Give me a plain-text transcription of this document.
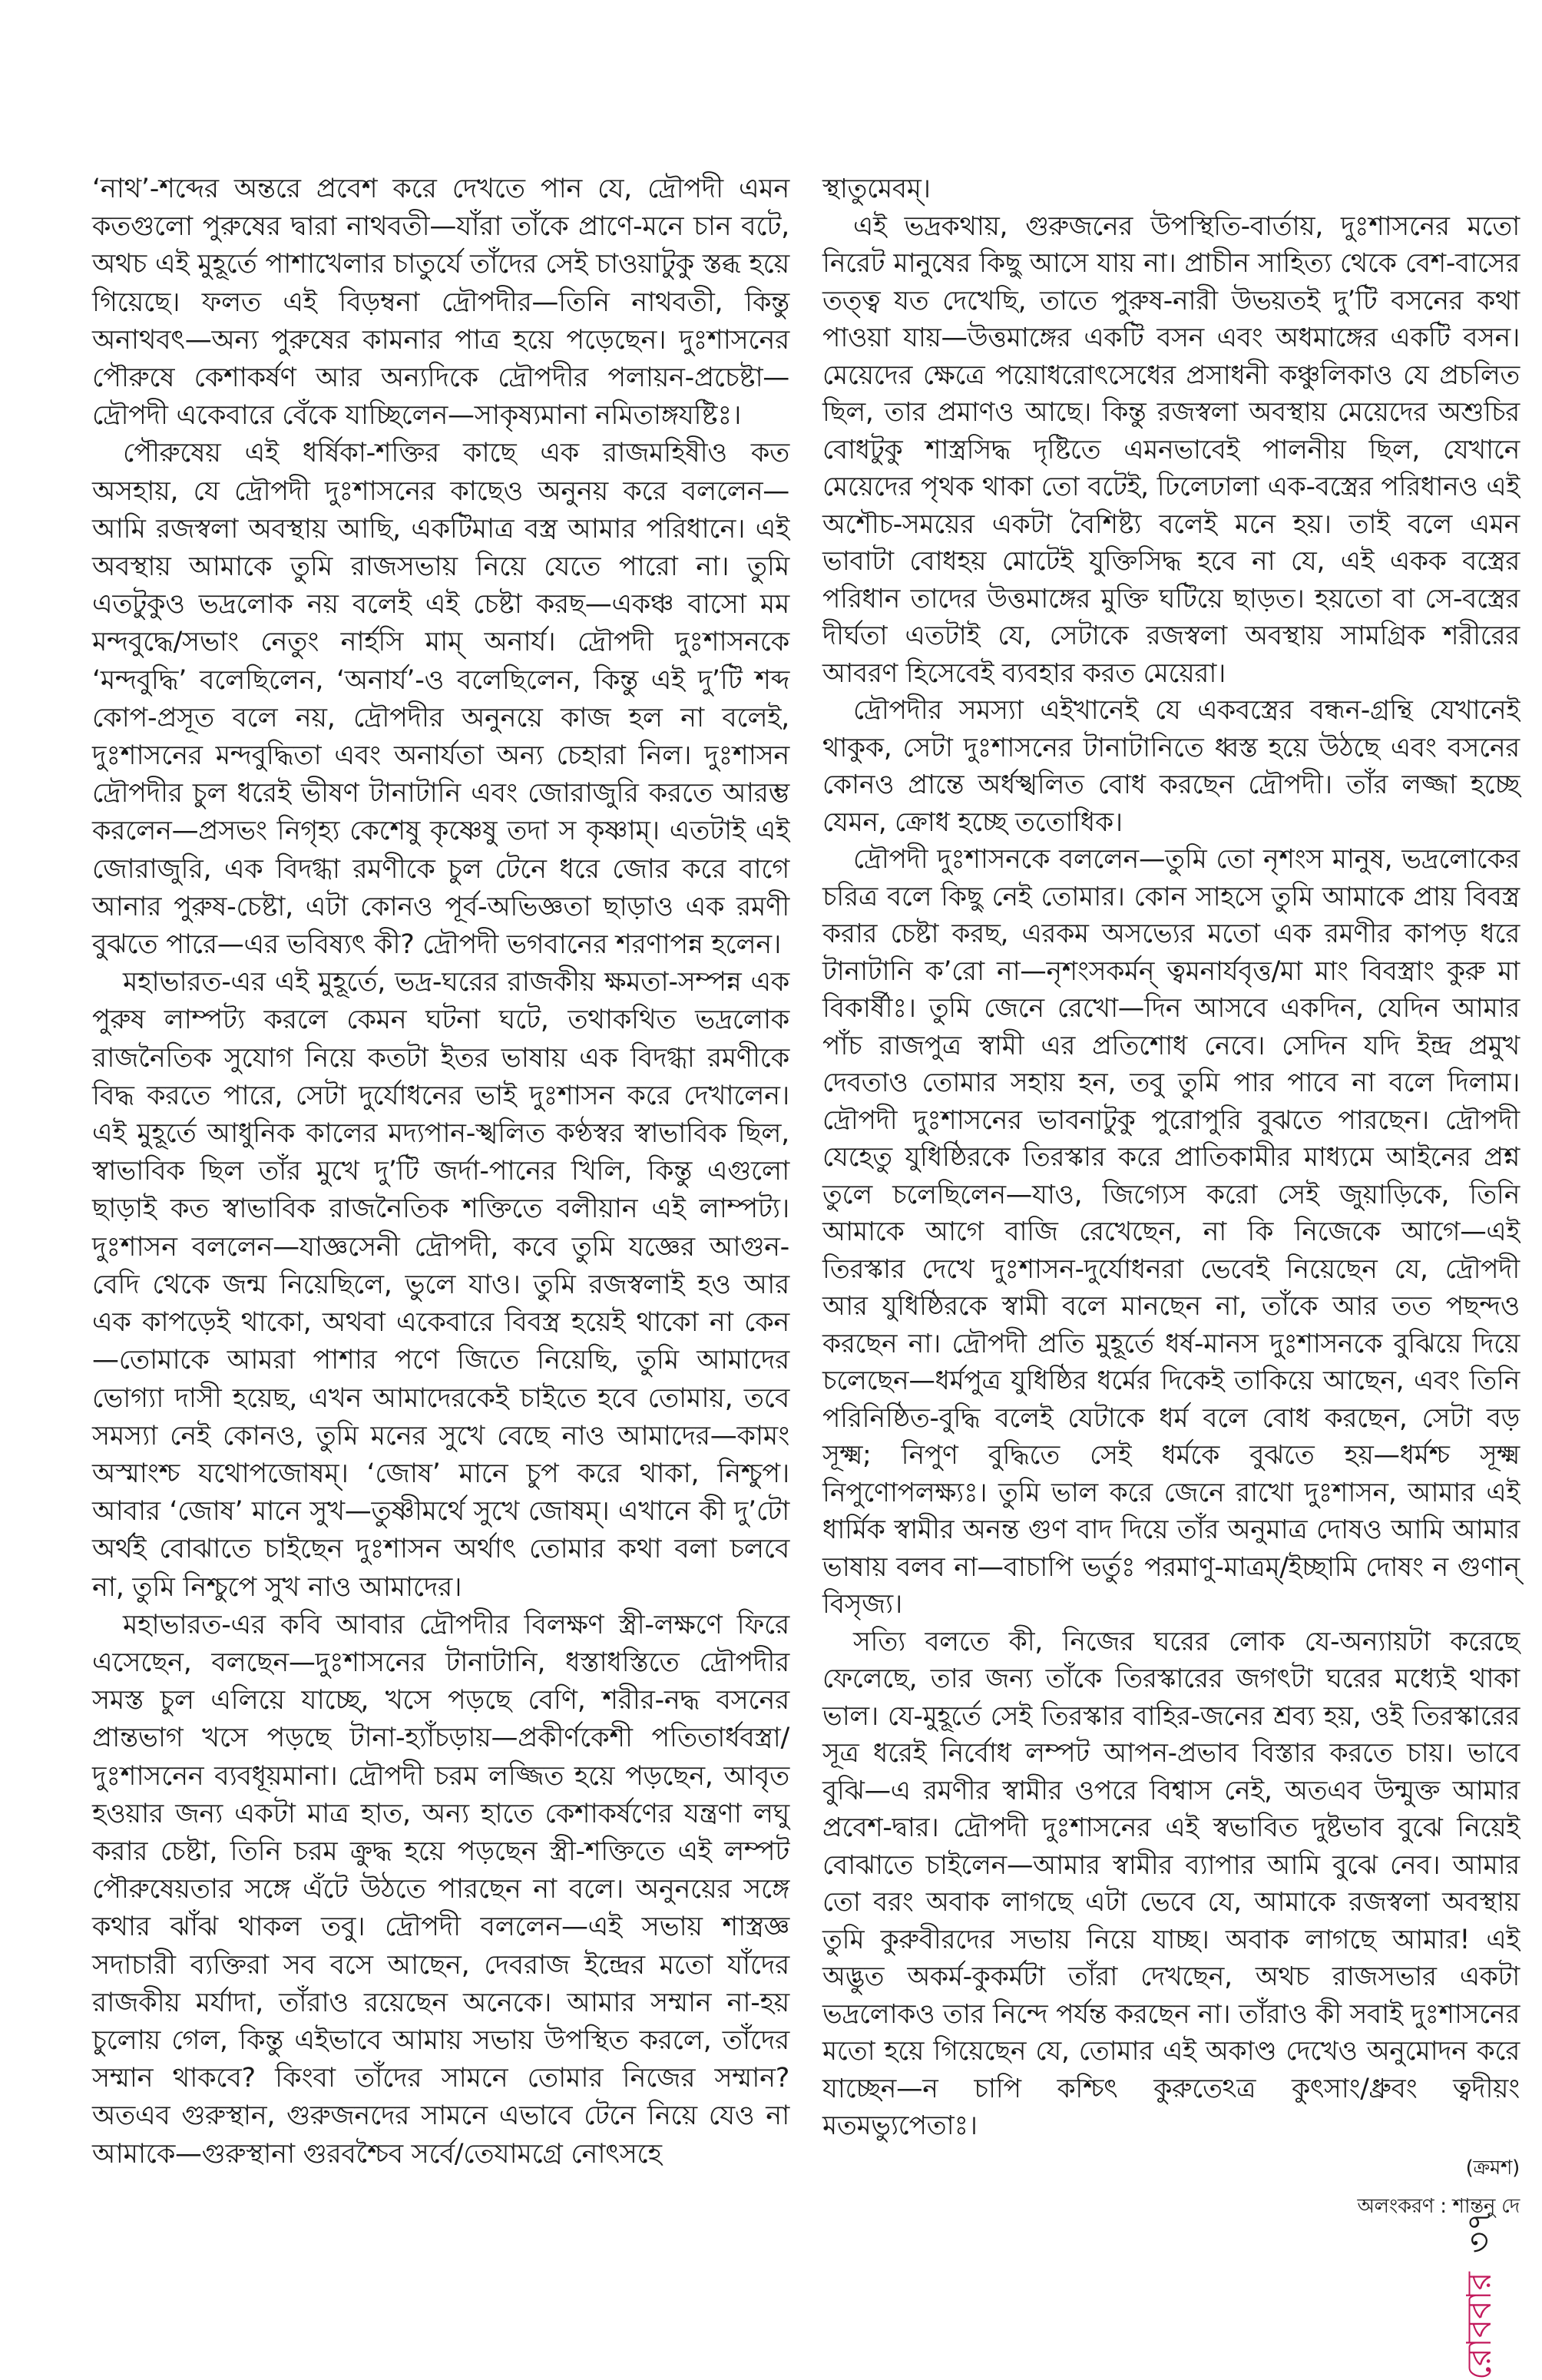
‘নাথ’-শব্দের অন্তরে প্রবেশ করে দেখতে পান যে, দ্রৌপদী এমন কতগুলো পুরুষের দ্বারা নাথবতী—যাঁরা তাঁকে প্রাণে-মনে চান বটে, অথচ এই মুহূর্তে পাশাখেলার চাতুর্যে তাঁদের সেই চাওয়াটুকু স্তব্ধ হয়ে গিয়েছে। ফলত এই বিড়ম্বনা দ্রৌপদীর—তিনি নাথবতী, কিন্তু অনাথবৎ—অন্য পুরুষের কামনার পাত্র হয়ে পড়েছেন। দুঃশাসনের পৌরুষে কেশাকর্ষণ আর অন্যদিকে দ্রৌপদীর পলায়ন-প্রচেষ্টা—দ্রৌপদী একেবারে বেঁকে যাচ্ছিলেন—সাকৃষ্যমানা নমিতাঙ্গযষ্টিঃ।

পৌরুষেয় এই ধর্ষিকা-শক্তির কাছে এক রাজমহিষীও কত অসহায়, যে দ্রৌপদী দুঃশাসনের কাছেও অনুনয় করে বললেন—আমি রজস্বলা অবস্থায় আছি, একটিমাত্র বস্ত্র আমার পরিধানে। এই অবস্থায় আমাকে তুমি রাজসভায় নিয়ে যেতে পারো না। তুমি এতটুকুও ভদ্রলোক নয় বলেই এই চেষ্টা করছ—একঞ্চ বাসো মম মন্দবুদ্ধে/সভাং নেতুং নার্হসি মাম্ অনার্য। দ্রৌপদী দুঃশাসনকে ‘মন্দবুদ্ধি’ বলেছিলেন, ‘অনার্য’-ও বলেছিলেন, কিন্তু এই দু’টি শব্দ কোপ-প্রসূত বলে নয়, দ্রৌপদীর অনুনয়ে কাজ হল না বলেই, দুঃশাসনের মন্দবুদ্ধিতা এবং অনার্যতা অন্য চেহারা নিল। দুঃশাসন দ্রৌপদীর চুল ধরেই ভীষণ টানাটানি এবং জোরাজুরি করতে আরম্ভ করলেন—প্রসভং নিগৃহ্য কেশেষু কৃষ্ণেষু তদা স কৃষ্ণাম্। এতটাই এই জোরাজুরি, এক বিদগ্ধা রমণীকে চুল টেনে ধরে জোর করে বাগে আনার পুরুষ-চেষ্টা, এটা কোনও পূর্ব-অভিজ্ঞতা ছাড়াও এক রমণী বুঝতে পারে—এর ভবিষ্যৎ কী? দ্রৌপদী ভগবানের শরণাপন্ন হলেন।

মহাভারত-এর এই মুহূর্তে, ভদ্র-ঘরের রাজকীয় ক্ষমতা-সম্পন্ন এক পুরুষ লাম্পট্য করলে কেমন ঘটনা ঘটে, তথাকথিত ভদ্রলোক রাজনৈতিক সুযোগ নিয়ে কতটা ইতর ভাষায় এক বিদগ্ধা রমণীকে বিদ্ধ করতে পারে, সেটা দুর্যোধনের ভাই দুঃশাসন করে দেখালেন। এই মুহূর্তে আধুনিক কালের মদ্যপান-স্খলিত কণ্ঠস্বর স্বাভাবিক ছিল, স্বাভাবিক ছিল তাঁর মুখে দু’টি জর্দা-পানের খিলি, কিন্তু এগুলো ছাড়াই কত স্বাভাবিক রাজনৈতিক শক্তিতে বলীয়ান এই লাম্পট্য। দুঃশাসন বললেন—যাজ্ঞসেনী দ্রৌপদী, কবে তুমি যজ্ঞের আগুন-বেদি থেকে জন্ম নিয়েছিলে, ভুলে যাও। তুমি রজস্বলাই হও আর এক কাপড়েই থাকো, অথবা একেবারে বিবস্ত্র হয়েই থাকো না কেন—তোমাকে আমরা পাশার পণে জিতে নিয়েছি, তুমি আমাদের ভোগ্যা দাসী হয়েছ, এখন আমাদেরকেই চাইতে হবে তোমায়, তবে সমস্যা নেই কোনও, তুমি মনের সুখে বেছে নাও আমাদের—কামং অস্মাংশ্চ যথোপজোষম্। ‘জোষ’ মানে চুপ করে থাকা, নিশ্চুপ। আবার ‘জোষ’ মানে সুখ—তুষ্ণীমর্থে সুখে জোষম্। এখানে কী দু’টো অর্থই বোঝাতে চাইছেন দুঃশাসন অর্থাৎ তোমার কথা বলা চলবে না, তুমি নিশ্চুপে সুখ নাও আমাদের।

মহাভারত-এর কবি আবার দ্রৌপদীর বিলক্ষণ স্ত্রী-লক্ষণে ফিরে এসেছেন, বলছেন—দুঃশাসনের টানাটানি, ধস্তাধস্তিতে দ্রৌপদীর সমস্ত চুল এলিয়ে যাচ্ছে, খসে পড়ছে বেণি, শরীর-নদ্ধ বসনের প্রান্তভাগ খসে পড়ছে টানা-হ্যাঁচড়ায়—প্রকীর্ণকেশী পতিতার্ধবস্ত্রা/দুঃশাসনেন ব্যবধূয়মানা। দ্রৌপদী চরম লজ্জিত হয়ে পড়ছেন, আবৃত হওয়ার জন্য একটা মাত্র হাত, অন্য হাতে কেশাকর্ষণের যন্ত্রণা লঘু করার চেষ্টা, তিনি চরম ক্রুদ্ধ হয়ে পড়ছেন স্ত্রী-শক্তিতে এই লম্পট পৌরুষেয়তার সঙ্গে এঁটে উঠতে পারছেন না বলে। অনুনয়ের সঙ্গে কথার ঝাঁঝ থাকল তবু। দ্রৌপদী বললেন—এই সভায় শাস্ত্রজ্ঞ সদাচারী ব্যক্তিরা সব বসে আছেন, দেবরাজ ইন্দ্রের মতো যাঁদের রাজকীয় মর্যাদা, তাঁরাও রয়েছেন অনেকে। আমার সম্মান না-হয় চুলোয় গেল, কিন্তু এইভাবে আমায় সভায় উপস্থিত করলে, তাঁদের সম্মান থাকবে? কিংবা তাঁদের সামনে তোমার নিজের সম্মান? অতএব গুরুস্থান, গুরুজনদের সামনে এভাবে টেনে নিয়ে যেও না আমাকে—গুরুস্থানা গুরবশ্চৈব সর্বে/তেযামগ্রে নোৎসহে

স্থাতুমেবম্।

এই ভদ্রকথায়, গুরুজনের উপস্থিতি-বার্তায়, দুঃশাসনের মতো নিরেট মানুষের কিছু আসে যায় না। প্রাচীন সাহিত্য থেকে বেশ-বাসের তত্ত্ব যত দেখেছি, তাতে পুরুষ-নারী উভয়তই দু’টি বসনের কথা পাওয়া যায়—উত্তমাঙ্গের একটি বসন এবং অধমাঙ্গের একটি বসন। মেয়েদের ক্ষেত্রে পয়োধরোৎসেধের প্রসাধনী কঞ্চুলিকাও যে প্রচলিত ছিল, তার প্রমাণও আছে। কিন্তু রজস্বলা অবস্থায় মেয়েদের অশুচির বোধটুকু শাস্ত্রসিদ্ধ দৃষ্টিতে এমনভাবেই পালনীয় ছিল, যেখানে মেয়েদের পৃথক থাকা তো বটেই, ঢিলেঢালা এক-বস্ত্রের পরিধানও এই অশৌচ-সময়ের একটা বৈশিষ্ট্য বলেই মনে হয়। তাই বলে এমন ভাবাটা বোধহয় মোটেই যুক্তিসিদ্ধ হবে না যে, এই একক বস্ত্রের পরিধান তাদের উত্তমাঙ্গের মুক্তি ঘটিয়ে ছাড়ত। হয়তো বা সে-বস্ত্রের দীর্ঘতা এতটাই যে, সেটাকে রজস্বলা অবস্থায় সামগ্রিক শরীরের আবরণ হিসেবেই ব্যবহার করত মেয়েরা।

দ্রৌপদীর সমস্যা এইখানেই যে একবস্ত্রের বন্ধন-গ্রন্থি যেখানেই থাকুক, সেটা দুঃশাসনের টানাটানিতে ধ্বস্ত হয়ে উঠছে এবং বসনের কোনও প্রান্তে অর্ধস্খলিত বোধ করছেন দ্রৌপদী। তাঁর লজ্জা হচ্ছে যেমন, ক্রোধ হচ্ছে ততোধিক।

দ্রৌপদী দুঃশাসনকে বললেন—তুমি তো নৃশংস মানুষ, ভদ্রলোকের চরিত্র বলে কিছু নেই তোমার। কোন সাহসে তুমি আমাকে প্রায় বিবস্ত্র করার চেষ্টা করছ, এরকম অসভ্যের মতো এক রমণীর কাপড় ধরে টানাটানি ক’রো না—নৃশংসকর্মন্ ত্বমনার্যবৃত্ত/মা মাং বিবস্ত্রাং কুরু মা বিকার্ষীঃ। তুমি জেনে রেখো—দিন আসবে একদিন, যেদিন আমার পাঁচ রাজপুত্র স্বামী এর প্রতিশোধ নেবে। সেদিন যদি ইন্দ্র প্রমুখ দেবতাও তোমার সহায় হন, তবু তুমি পার পাবে না বলে দিলাম। দ্রৌপদী দুঃশাসনের ভাবনাটুকু পুরোপুরি বুঝতে পারছেন। দ্রৌপদী যেহেতু যুধিষ্ঠিরকে তিরস্কার করে প্রাতিকামীর মাধ্যমে আইনের প্রশ্ন তুলে চলেছিলেন—যাও, জিগ্যেস করো সেই জুয়াড়িকে, তিনি আমাকে আগে বাজি রেখেছেন, না কি নিজেকে আগে—এই তিরস্কার দেখে দুঃশাসন-দুর্যোধনরা ভেবেই নিয়েছেন যে, দ্রৌপদী আর যুধিষ্ঠিরকে স্বামী বলে মানছেন না, তাঁকে আর তত পছন্দও করছেন না। দ্রৌপদী প্রতি মুহূর্তে ধর্ষ-মানস দুঃশাসনকে বুঝিয়ে দিয়ে চলেছেন—ধর্মপুত্র যুধিষ্ঠির ধর্মের দিকেই তাকিয়ে আছেন, এবং তিনি পরিনিষ্ঠিত-বুদ্ধি বলেই যেটাকে ধর্ম বলে বোধ করছেন, সেটা বড় সূক্ষ্ম; নিপুণ বুদ্ধিতে সেই ধর্মকে বুঝতে হয়—ধর্মশ্চ সূক্ষ্ম নিপুণোপলক্ষ্যঃ। তুমি ভাল করে জেনে রাখো দুঃশাসন, আমার এই ধার্মিক স্বামীর অনন্ত গুণ বাদ দিয়ে তাঁর অনুমাত্র দোষও আমি আমার ভাষায় বলব না—বাচাপি ভর্তুঃ পরমাণু-মাত্রম্/ইচ্ছামি দোষং ন গুণান্ বিসৃজ্য।

সত্যি বলতে কী, নিজের ঘরের লোক যে-অন্যায়টা করেছে ফেলেছে, তার জন্য তাঁকে তিরস্কারের জগৎটা ঘরের মধ্যেই থাকা ভাল। যে-মুহূর্তে সেই তিরস্কার বাহির-জনের শ্রব্য হয়, ওই তিরস্কারের সূত্র ধরেই নির্বোধ লম্পট আপন-প্রভাব বিস্তার করতে চায়। ভাবে বুঝি—এ রমণীর স্বামীর ওপরে বিশ্বাস নেই, অতএব উন্মুক্ত আমার প্রবেশ-দ্বার। দ্রৌপদী দুঃশাসনের এই স্বভাবিত দুষ্টভাব বুঝে নিয়েই বোঝাতে চাইলেন—আমার স্বামীর ব্যাপার আমি বুঝে নেব। আমার তো বরং অবাক লাগছে এটা ভেবে যে, আমাকে রজস্বলা অবস্থায় তুমি কুরুবীরদের সভায় নিয়ে যাচ্ছ। অবাক লাগছে আমার! এই অদ্ভুত অকর্ম-কুকর্মটা তাঁরা দেখছেন, অথচ রাজসভার একটা ভদ্রলোকও তার নিন্দে পর্যন্ত করছেন না। তাঁরাও কী সবাই দুঃশাসনের মতো হয়ে গিয়েছেন যে, তোমার এই অকাণ্ড দেখেও অনুমোদন করে যাচ্ছেন—ন চাপি কশ্চিৎ কুরুতেঽত্র কুৎসাং/ধ্রুবং ত্বদীয়ং মতমভ্যুপেতাঃ।

(ক্রমশ)

অলংকরণ : শান্তনু দে

রোববার
৩৭
